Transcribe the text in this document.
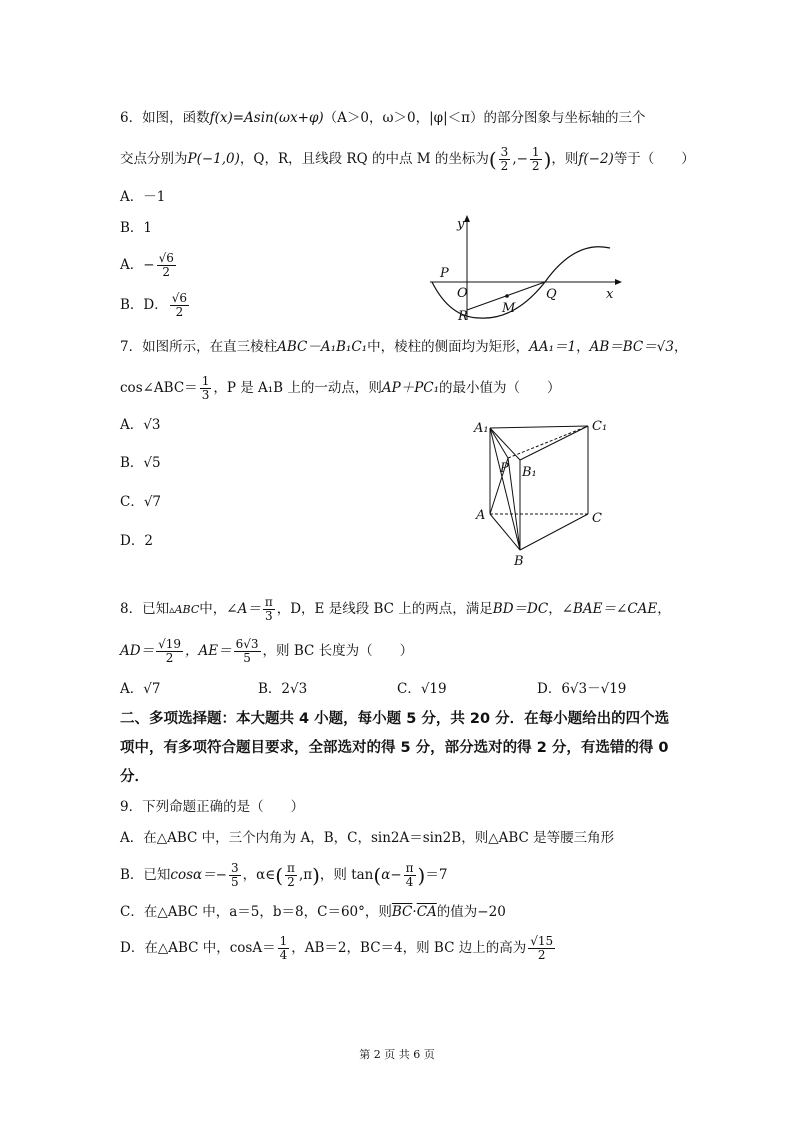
6．如图，函数f(x)=Asin(ωx+φ)（A＞0，ω＞0，|φ|＜π）的部分图象与坐标轴的三个
交点分别为P(−1,0)，Q，R，且线段 RQ 的中点 M 的坐标为( $\frac{3}{2}$ ,− $\frac{1}{2}$ )，则f(−2)等于（　　）
A．－1
B．1
A．− $\frac{√6}{2}$
B．D． $\frac{√6}{2}$
y
x
P
O
R
M
Q
7．如图所示，在直三棱柱ABC－A₁B₁C₁中，棱柱的侧面均为矩形，AA₁＝1，AB＝BC＝√3，
cos∠ABC＝ $\frac{1}{3}$ ，P 是 A₁B 上的一动点，则AP＋PC₁的最小值为（　　）
A．√3
B．√5
C．√7
D．2
A₁	C₁
P B₁
A	C
B
8．已知▵ABC中，∠A＝ $\frac{\pi}{3}$ ，D，E 是线段 BC 上的两点，满足BD＝DC，∠BAE＝∠CAE，
$AD= \frac{√19}{2}$ ，$AE= \frac{6√3}{5}$ ，则 BC 长度为（　　）
A．√7	B．2√3	C．√19	D．6√3－√19
二、多项选择题：本大题共 4 小题，每小题 5 分，共 20 分．在每小题给出的四个选项中，有多项符合题目要求，全部选对的得 5 分，部分选对的得 2 分，有选错的得 0 分．
9．下列命题正确的是（　　）
A．在△ABC 中，三个内角为 A，B，C，sin2A＝sin2B，则△ABC 是等腰三角形
B．已知$\cos\alpha=- \frac{3}{5}$ ，α∈( $\frac{\pi}{2} ,\pi$)，则 $\tan(\alpha- \frac{\pi}{4} )=7$
C．在△ABC 中，a＝5，b＝8，C＝60°，则$\overline{BC}\cdot\overline{CA}$的值为−20
D．在△ABC 中，$\cos A= \frac{1}{4}$ ，AB＝2，BC＝4，则 BC 边上的高为 $\frac{√15}{2}$
第 2 页 共 6 页
